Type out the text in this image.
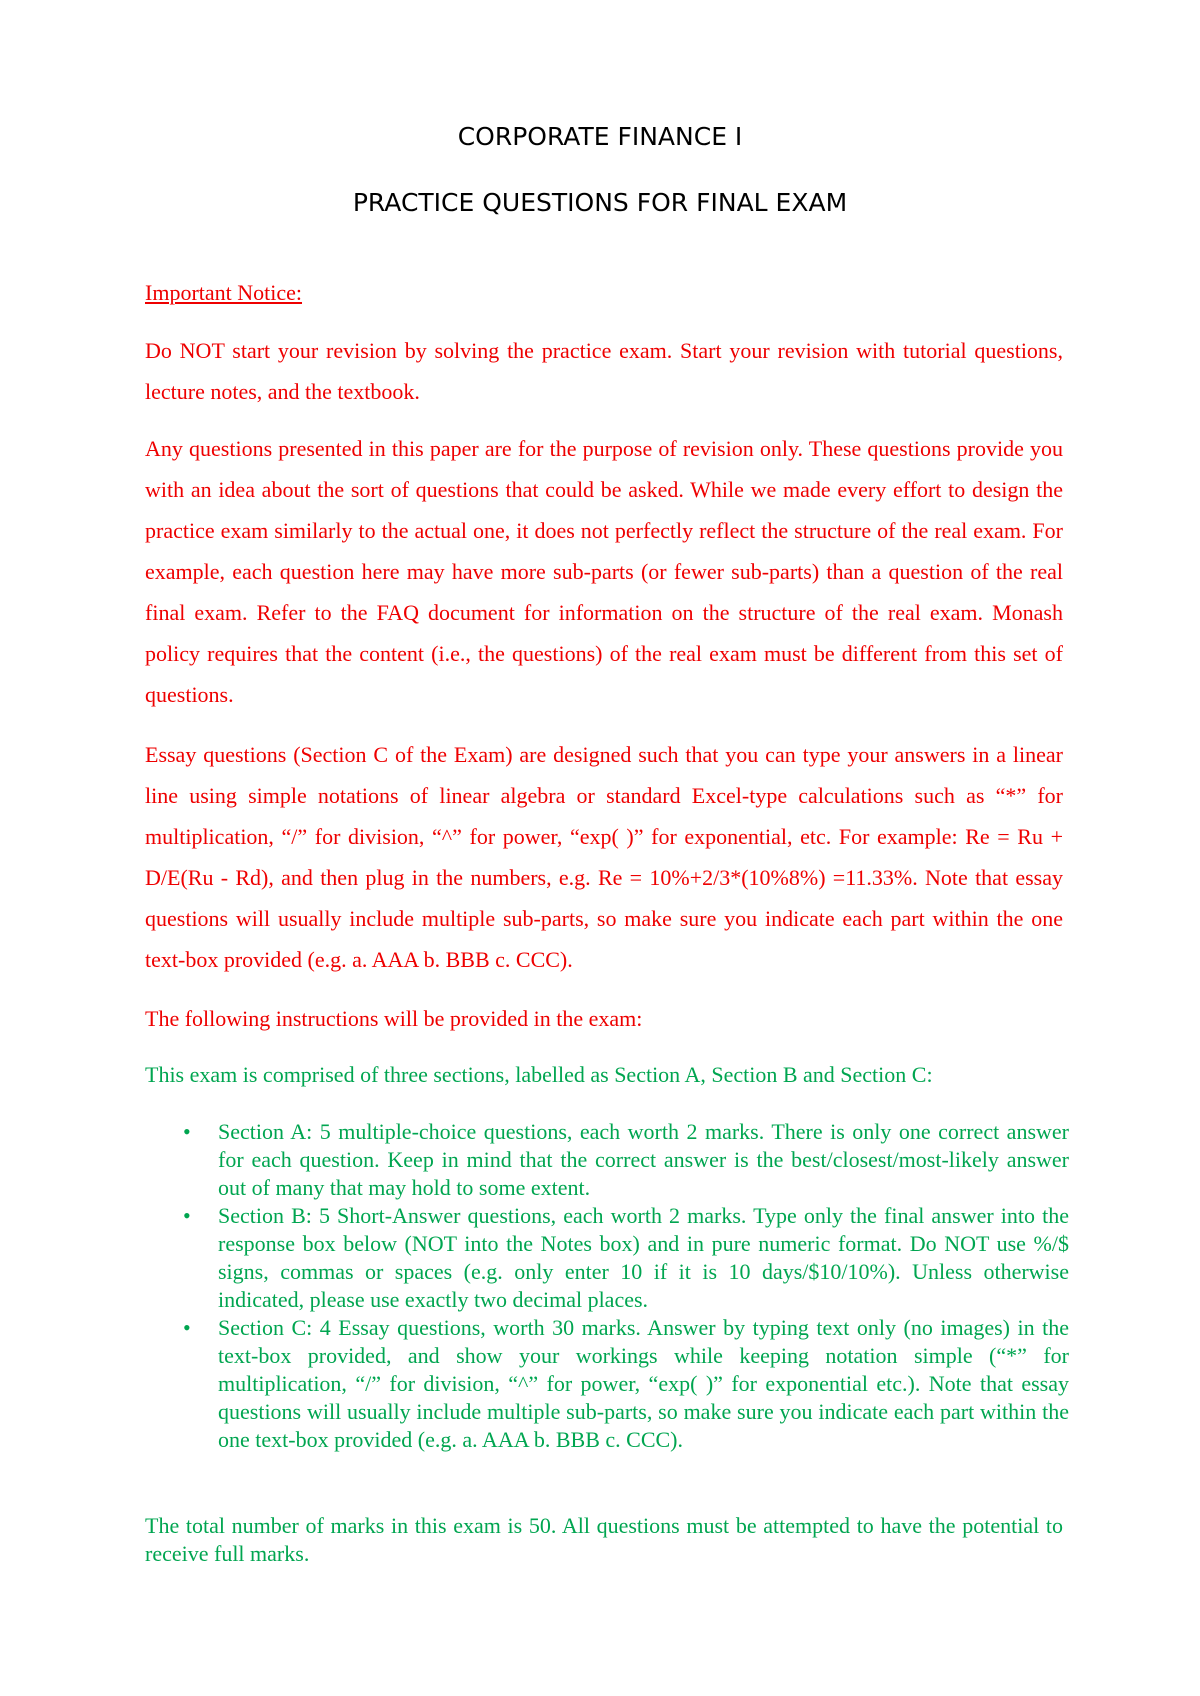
CORPORATE FINANCE I
PRACTICE QUESTIONS FOR FINAL EXAM

Important Notice:

Do NOT start your revision by solving the practice exam. Start your revision with tutorial questions, lecture notes, and the textbook.

Any questions presented in this paper are for the purpose of revision only. These questions provide you with an idea about the sort of questions that could be asked. While we made every effort to design the practice exam similarly to the actual one, it does not perfectly reflect the structure of the real exam. For example, each question here may have more sub-parts (or fewer sub-parts) than a question of the real final exam. Refer to the FAQ document for information on the structure of the real exam. Monash policy requires that the content (i.e., the questions) of the real exam must be different from this set of questions.

Essay questions (Section C of the Exam) are designed such that you can type your answers in a linear line using simple notations of linear algebra or standard Excel-type calculations such as “*” for multiplication, “/” for division, “^” for power, “exp( )” for exponential, etc. For example: Re = Ru + D/E(Ru - Rd), and then plug in the numbers, e.g. Re = 10%+2/3*(10%8%) =11.33%. Note that essay questions will usually include multiple sub-parts, so make sure you indicate each part within the one text-box provided (e.g. a. AAA b. BBB c. CCC).

The following instructions will be provided in the exam:

This exam is comprised of three sections, labelled as Section A, Section B and Section C:

• Section A: 5 multiple-choice questions, each worth 2 marks. There is only one correct answer for each question. Keep in mind that the correct answer is the best/closest/most-likely answer out of many that may hold to some extent.
• Section B: 5 Short-Answer questions, each worth 2 marks. Type only the final answer into the response box below (NOT into the Notes box) and in pure numeric format. Do NOT use %/$ signs, commas or spaces (e.g. only enter 10 if it is 10 days/$10/10%). Unless otherwise indicated, please use exactly two decimal places.
• Section C: 4 Essay questions, worth 30 marks. Answer by typing text only (no images) in the text-box provided, and show your workings while keeping notation simple (“*” for multiplication, “/” for division, “^” for power, “exp( )” for exponential etc.). Note that essay questions will usually include multiple sub-parts, so make sure you indicate each part within the one text-box provided (e.g. a. AAA b. BBB c. CCC).

The total number of marks in this exam is 50. All questions must be attempted to have the potential to receive full marks.
